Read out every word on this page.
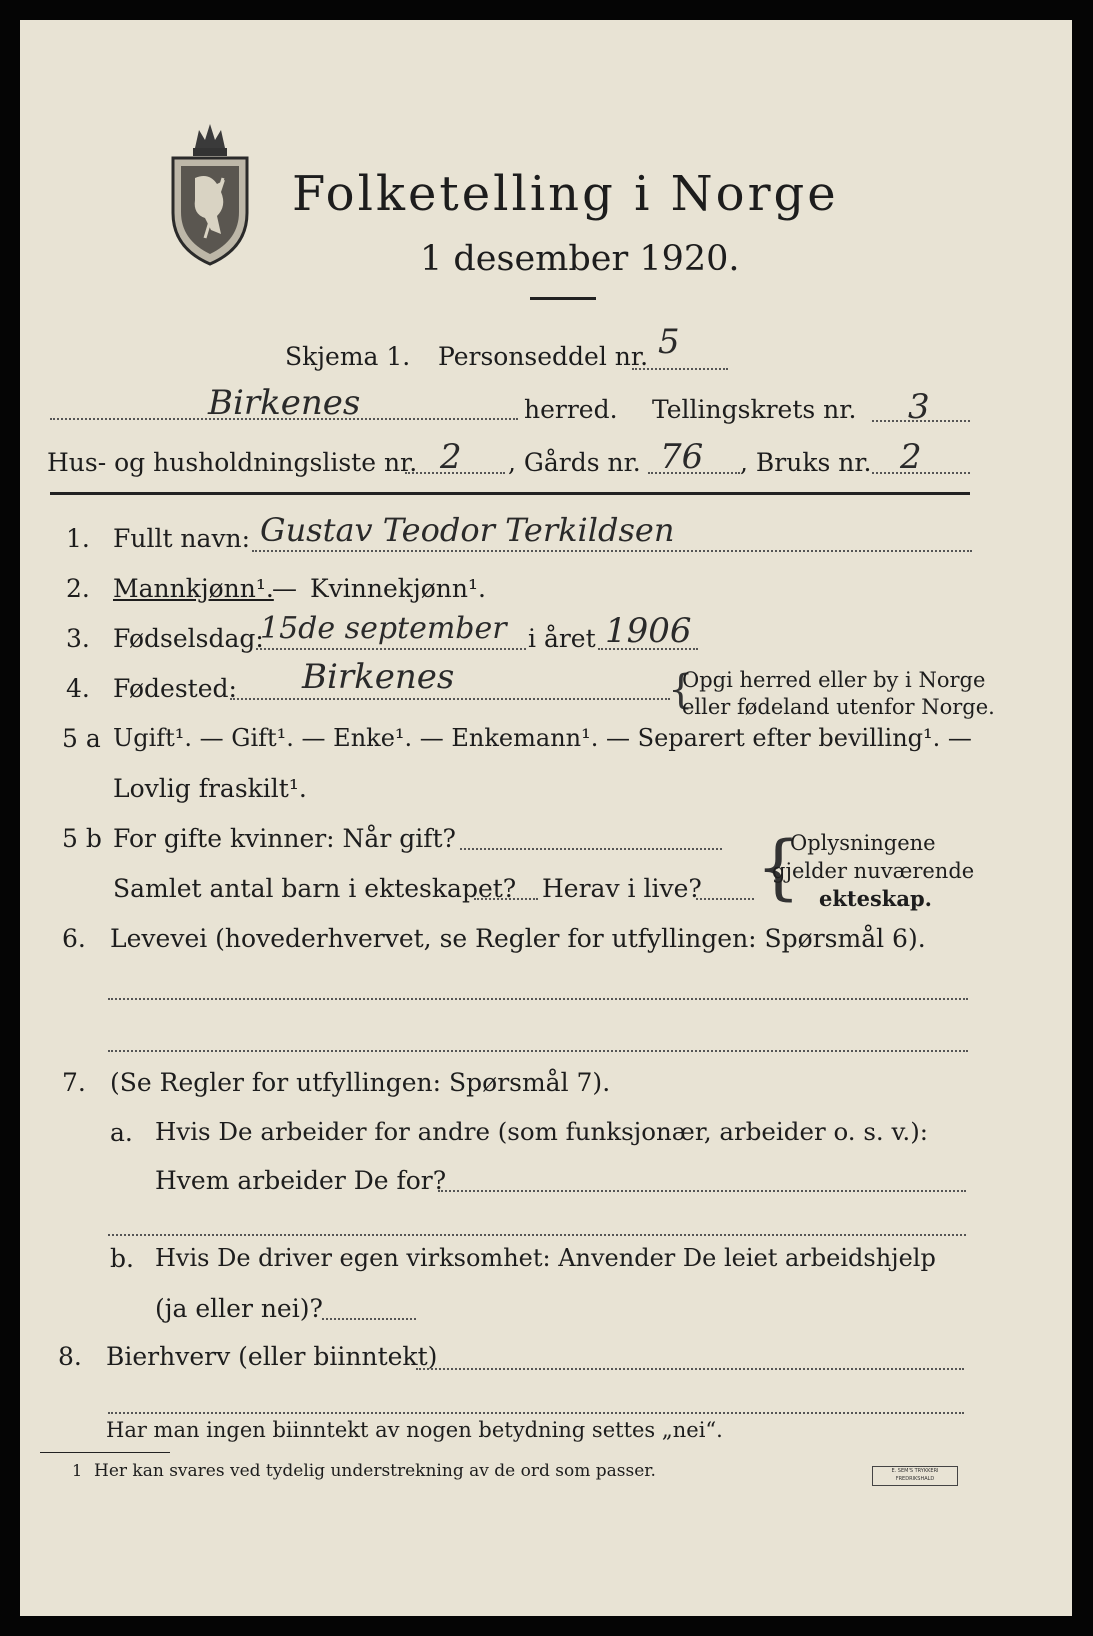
Folketelling i Norge
1 desember 1920.
Skjema 1. Personseddel nr. 5
Birkenes	herred. Tellingskrets nr. 3
Hus- og husholdningsliste nr. 2 , Gårds nr. 76 , Bruks nr. 2
1. Fullt navn: Gustav Teodor Terkildsen
2. Mannkjønn¹.
— Kvinnekjønn¹.
3. Fødselsdag:
15de september i året 1906
4. Fødested: Birkenes	{
Opgi herred eller by i Norge
eller fødeland utenfor Norge.
5 a Ugift¹. — Gift¹. — Enke¹. — Enkemann¹. — Separert efter bevilling¹. —
Lovlig fraskilt¹.
5 b For gifte kvinner: Når gift?
Samlet antal barn i ekteskapet? Herav i live? {
Oplysningene
gjelder nuværende
ekteskap.
6. Levevei (hovederhvervet, se Regler for utfyllingen: Spørsmål 6).
7. (Se Regler for utfyllingen: Spørsmål 7).
a. Hvis De arbeider for andre (som funksjonær, arbeider o. s. v.):
Hvem arbeider De for?
b. Hvis De driver egen virksomhet: Anvender De leiet arbeidshjelp
(ja eller nei)?
8. Bierhverv (eller biinntekt)
Har man ingen biinntekt av nogen betydning settes „nei“.
1 Her kan svares ved tydelig understrekning av de ord som passer.	E. SEM'S TRYKKERI FREDRIKSHALD
